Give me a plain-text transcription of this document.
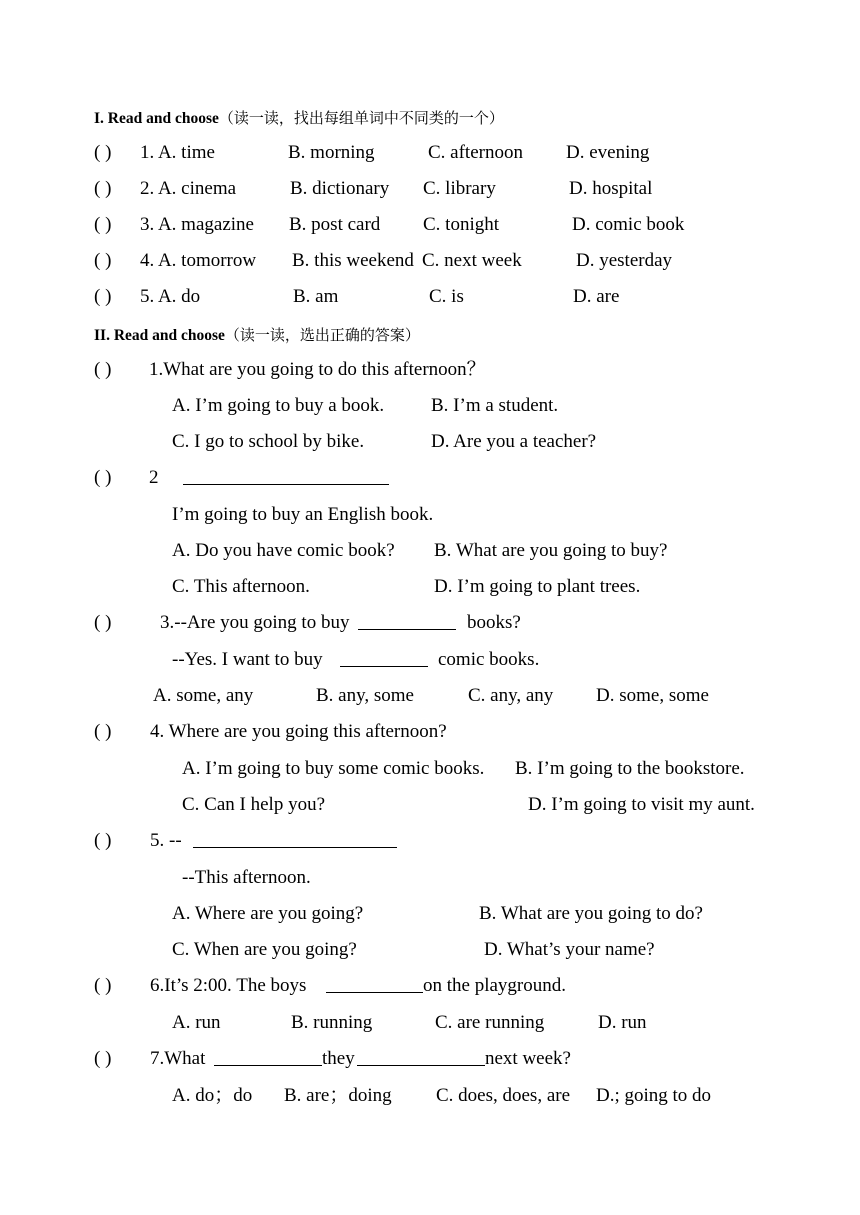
I. Read and choose（读一读，找出每组单词中不同类的一个）
( ) 1. A. time	B. morning	C. afternoon D. evening
( ) 2. A. cinema	B. dictionary C. library	D. hospital
( ) 3. A. magazine B. post card C. tonight	D. comic book
( ) 4. A. tomorrow B. this weekend C. next week	D. yesterday
( ) 5. A. do	B. am	C. is	D. are
II. Read and choose（读一读，选出正确的答案）
( ) 1.What are you going to do this afternoon？
A. I’m going to buy a book. B. I’m a student.
C. I go to school by bike.	D. Are you a teacher?
( ) 2
I’m going to buy an English book.
A. Do you have comic book? B. What are you going to buy?
C. This afternoon.	D. I’m going to plant trees.
( )	3.--Are you going to buy	books?
--Yes. I want to buy	comic books.
A. some, any	B. any, some	C. any, any D. some, some
( ) 4. Where are you going this afternoon?
A. I’m going to buy some comic books. B. I’m going to the bookstore.
C. Can I help you?	D. I’m going to visit my aunt.
( ) 5. --
--This afternoon.
A. Where are you going?	B. What are you going to do?
C. When are you going?	D. What’s your name?
( ) 6.It’s 2:00. The boys	on the playground.
A. run	B. running	C. are running	D. run
( ) 7.What	they	next week?
A. do；do B. are；doing C. does, does, are D.; going to do
